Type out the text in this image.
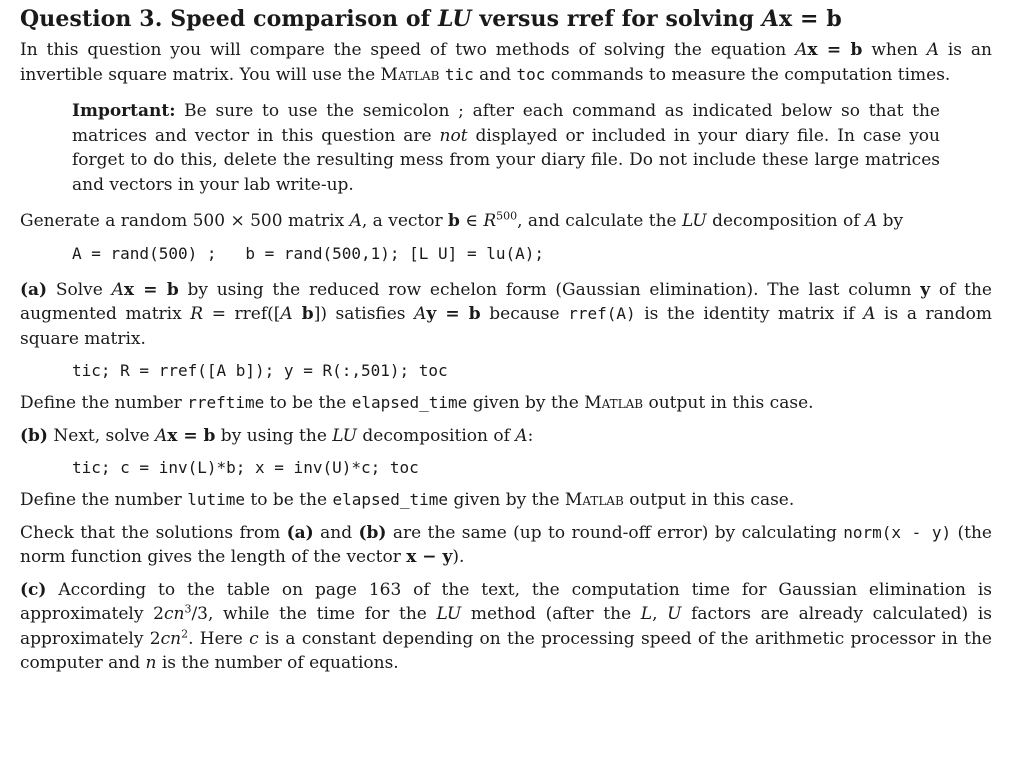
Question 3. Speed comparison of LU versus rref for solving Ax = b

In this question you will compare the speed of two methods of solving the equation Ax = b when A is an invertible square matrix. You will use the Matlab tic and toc commands to measure the computation times.

Important: Be sure to use the semicolon ; after each command as indicated below so that the matrices and vector in this question are not displayed or included in your diary file. In case you forget to do this, delete the resulting mess from your diary file. Do not include these large matrices and vectors in your lab write-up.

Generate a random 500 × 500 matrix A, a vector b ∈ $R^{500}$, and calculate the LU decomposition of A by

A = rand(500) ;   b = rand(500,1); [L U] = lu(A);

(a) Solve Ax = b by using the reduced row echelon form (Gaussian elimination). The last column y of the augmented matrix R = rref([A b]) satisfies Ay = b because rref(A) is the identity matrix if A is a random square matrix.

tic; R = rref([A b]); y = R(:,501); toc

Define the number rreftime to be the elapsed_time given by the Matlab output in this case.

(b) Next, solve Ax = b by using the LU decomposition of A:

tic; c = inv(L)*b; x = inv(U)*c; toc

Define the number lutime to be the elapsed_time given by the Matlab output in this case.

Check that the solutions from (a) and (b) are the same (up to round-off error) by calculating norm(x - y) (the norm function gives the length of the vector x − y).

(c) According to the table on page 163 of the text, the computation time for Gaussian elimination is approximately $2cn^3/3$, while the time for the LU method (after the L, U factors are already calculated) is approximately $2cn^2$. Here c is a constant depending on the processing speed of the arithmetic processor in the computer and n is the number of equations.
